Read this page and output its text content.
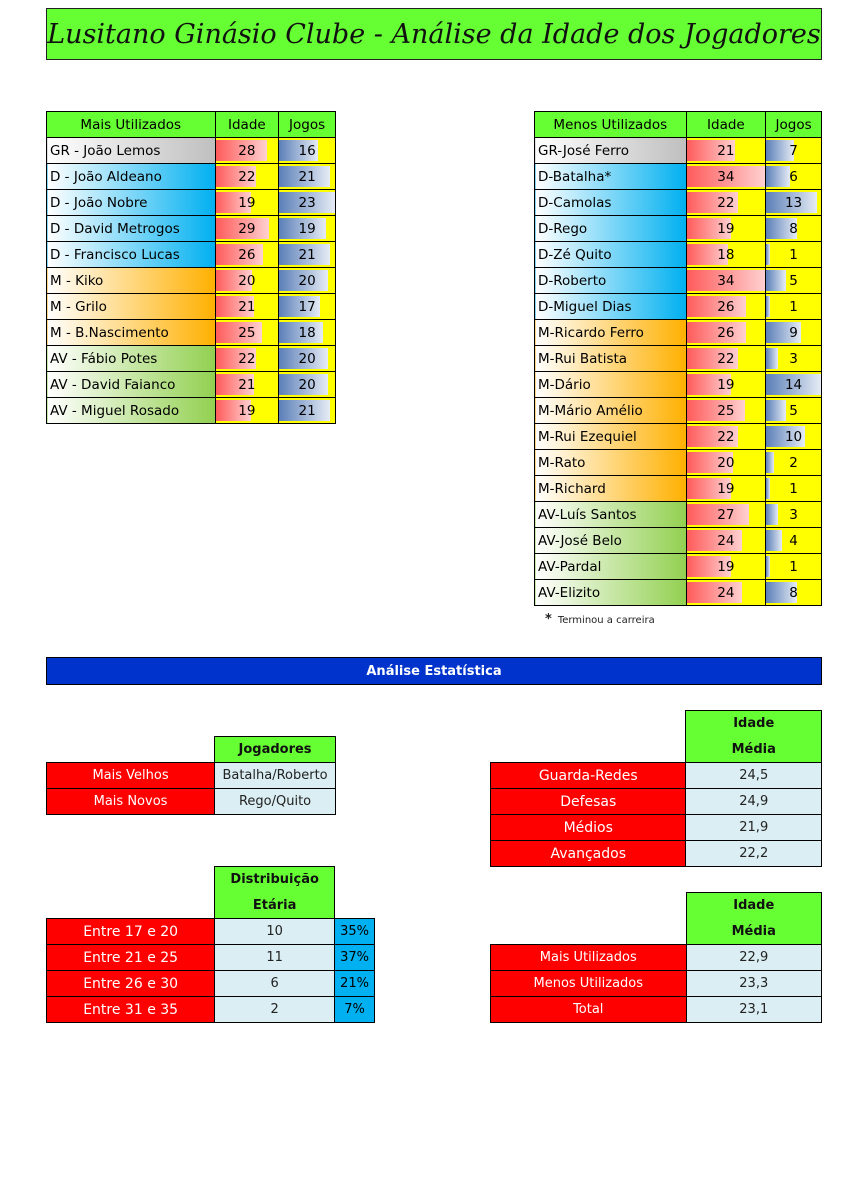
Lusitano Ginásio Clube - Análise da Idade dos Jogadores
Mais Utilizados	Idade	Jogos
GR - João Lemos	28	16
D - João Aldeano	22	21
D - João Nobre	19	23
D - David Metrogos	29	19
D - Francisco Lucas	26	21
M - Kiko	20	20
M - Grilo	21	17
M - B.Nascimento	25	18
AV - Fábio Potes	22	20
AV - David Faianco	21	20
AV - Miguel Rosado	19	21
Menos Utilizados	Idade	Jogos
GR-José Ferro	21	7
D-Batalha*	34	6
D-Camolas	22	13
D-Rego	19	8
D-Zé Quito	18	1
D-Roberto	34	5
D-Miguel Dias	26	1
M-Ricardo Ferro	26	9
M-Rui Batista	22	3
M-Dário	19	14
M-Mário Amélio	25	5
M-Rui Ezequiel	22	10
M-Rato	20	2
M-Richard	19	1
AV-Luís Santos	27	3
AV-José Belo	24	4
AV-Pardal	19	1
AV-Elizito	24	8
* Terminou a carreira
Análise Estatística
	Jogadores
Mais Velhos	Batalha/Roberto
Mais Novos	Rego/Quito
	Idade
	Média
Guarda-Redes	24,5
Defesas	24,9
Médios	21,9
Avançados	22,2
	Distribuição	
	Etária	
Entre 17 e 20	10	35%
Entre 21 e 25	11	37%
Entre 26 e 30	6	21%
Entre 31 e 35	2	7%
	Idade
	Média
Mais Utilizados	22,9
Menos Utilizados	23,3
Total	23,1
